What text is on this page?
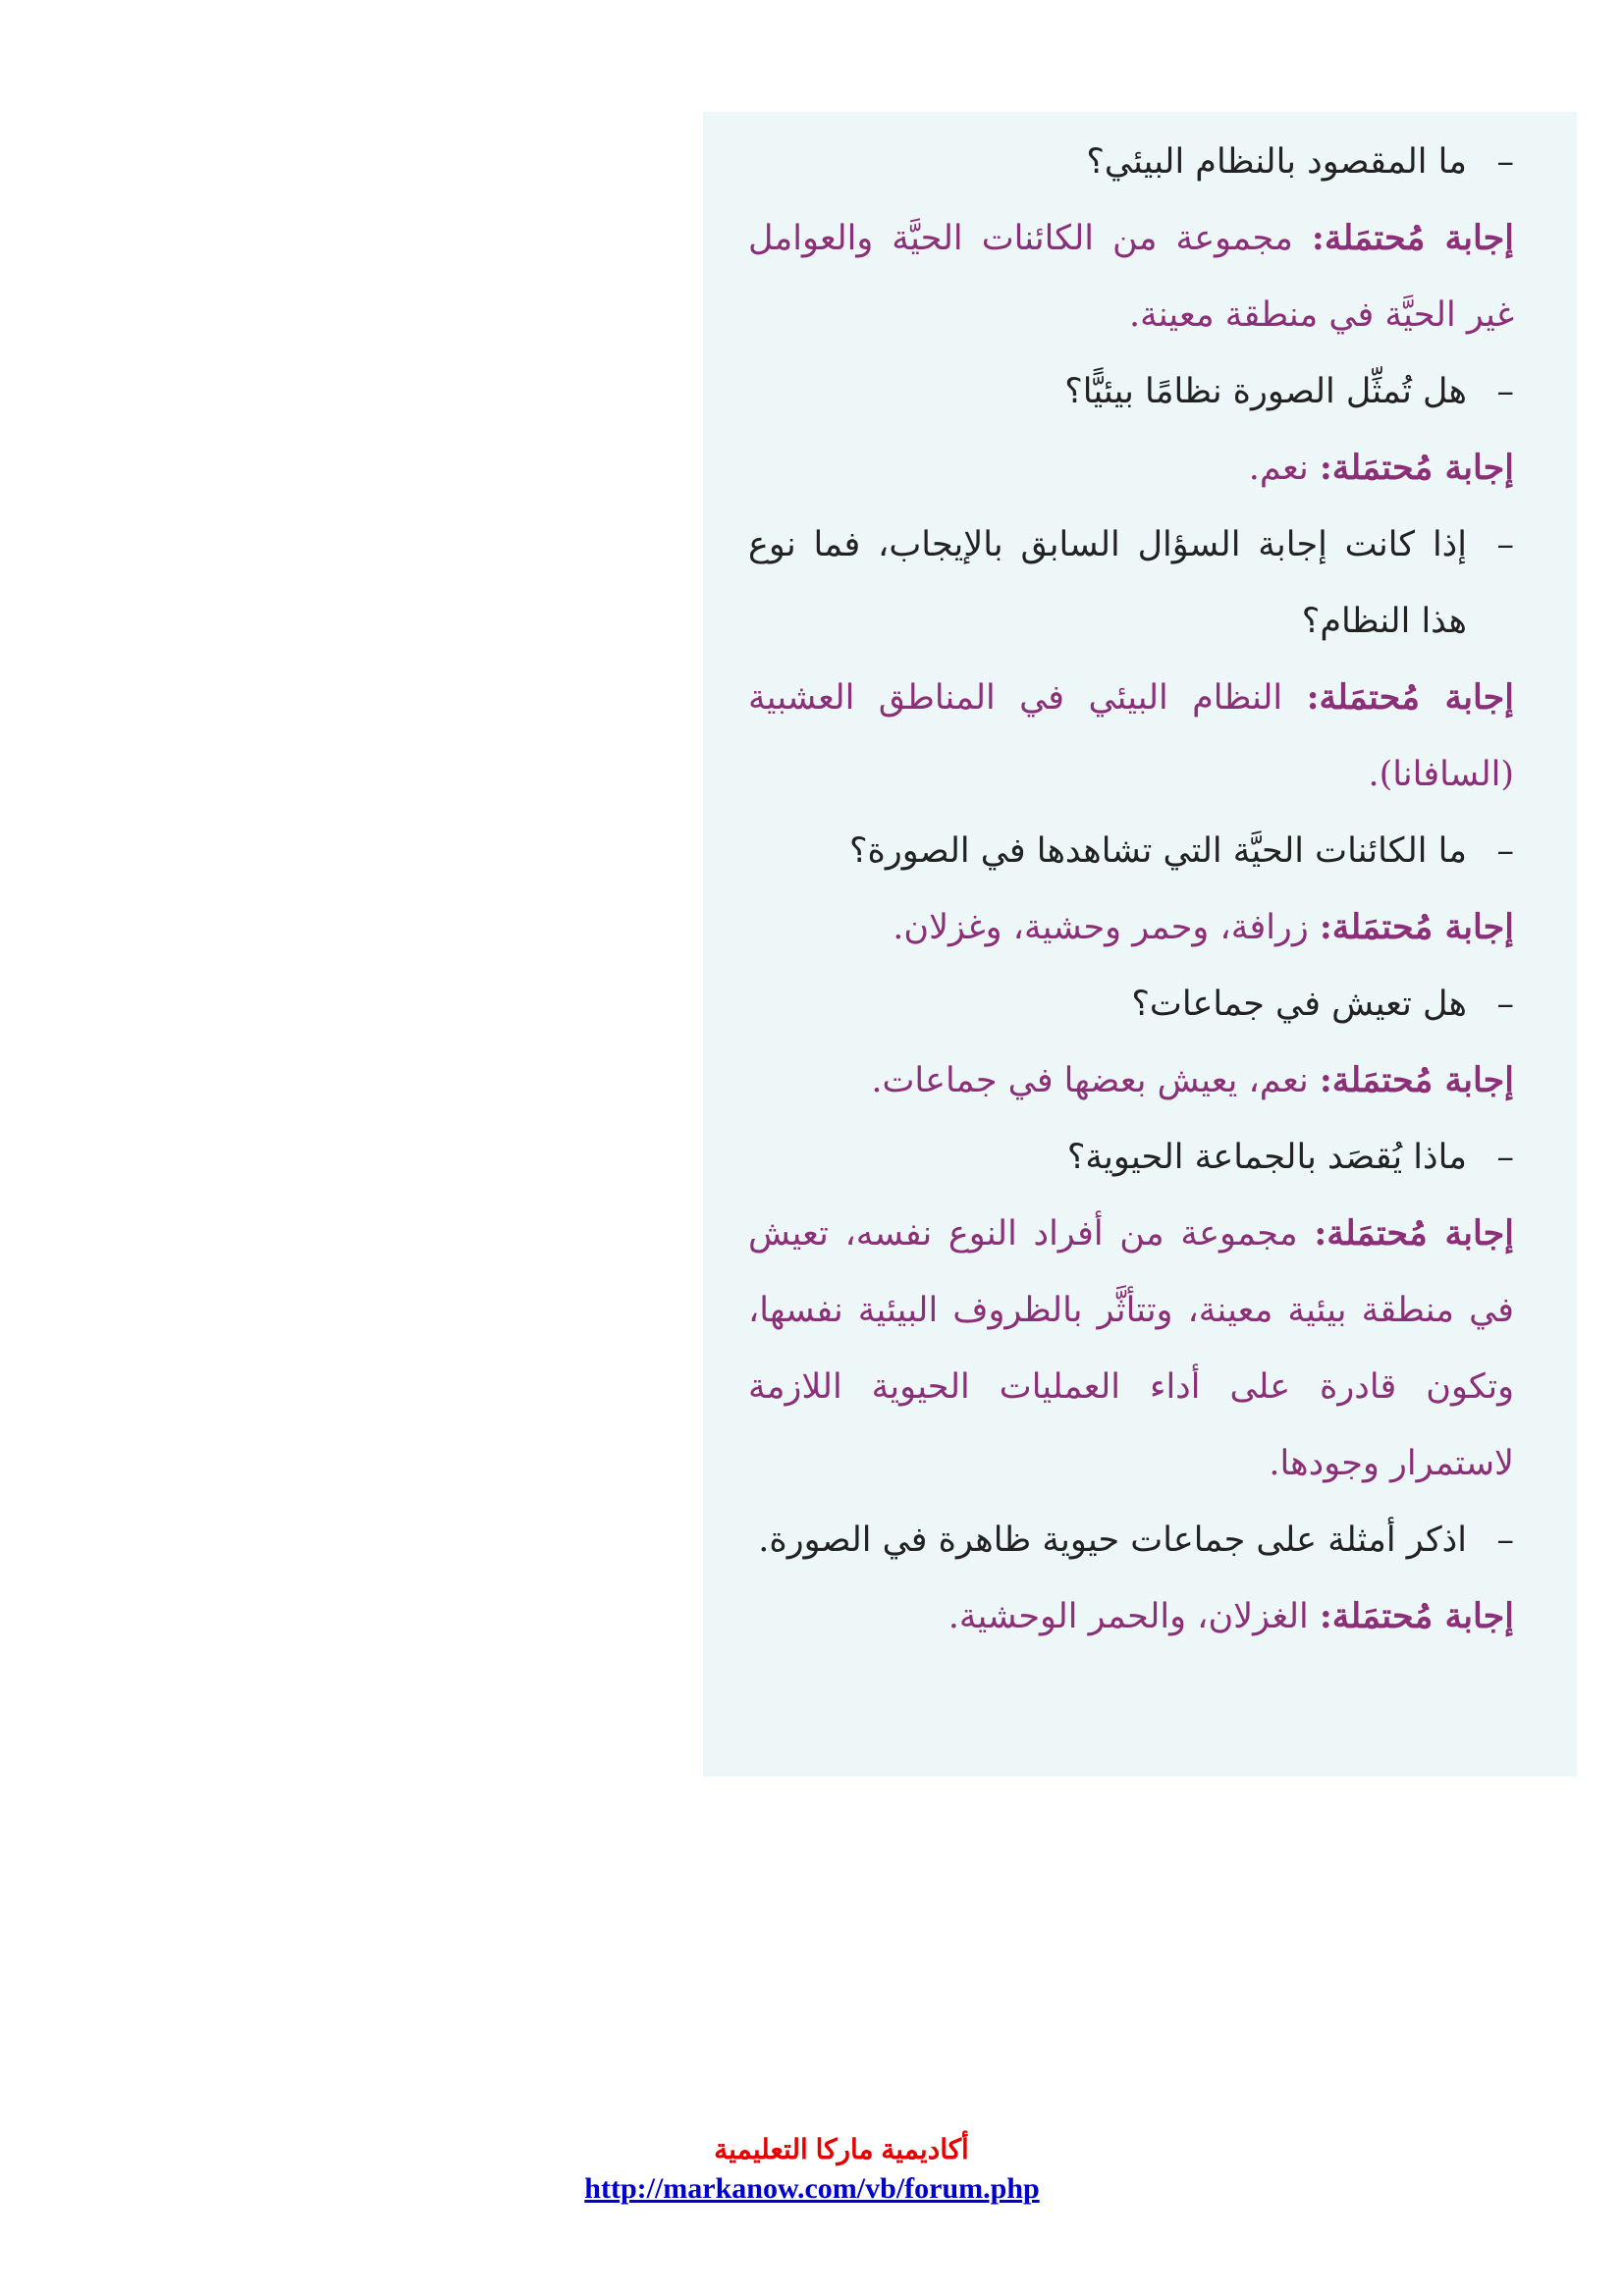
–
ما المقصود بالنظام البيئي؟
إجابة مُحتمَلة: مجموعة من الكائنات الحيَّة والعوامل غير الحيَّة في منطقة معينة.
–
هل تُمثِّل الصورة نظامًا بيئيًّا؟
إجابة مُحتمَلة: نعم.
–
إذا كانت إجابة السؤال السابق بالإيجاب، فما نوع هذا النظام؟
إجابة مُحتمَلة: النظام البيئي في المناطق العشبية (السافانا).
–
ما الكائنات الحيَّة التي تشاهدها في الصورة؟
إجابة مُحتمَلة: زرافة، وحمر وحشية، وغزلان.
–
هل تعيش في جماعات؟
إجابة مُحتمَلة: نعم، يعيش بعضها في جماعات.
–
ماذا يُقصَد بالجماعة الحيوية؟
إجابة مُحتمَلة: مجموعة من أفراد النوع نفسه، تعيش في منطقة بيئية معينة، وتتأثَّر بالظروف البيئية نفسها، وتكون قادرة على أداء العمليات الحيوية اللازمة لاستمرار وجودها.
–
اذكر أمثلة على جماعات حيوية ظاهرة في الصورة.
إجابة مُحتمَلة: الغزلان، والحمر الوحشية.
أكاديمية ماركا التعليمية
http://markanow.com/vb/forum.php
